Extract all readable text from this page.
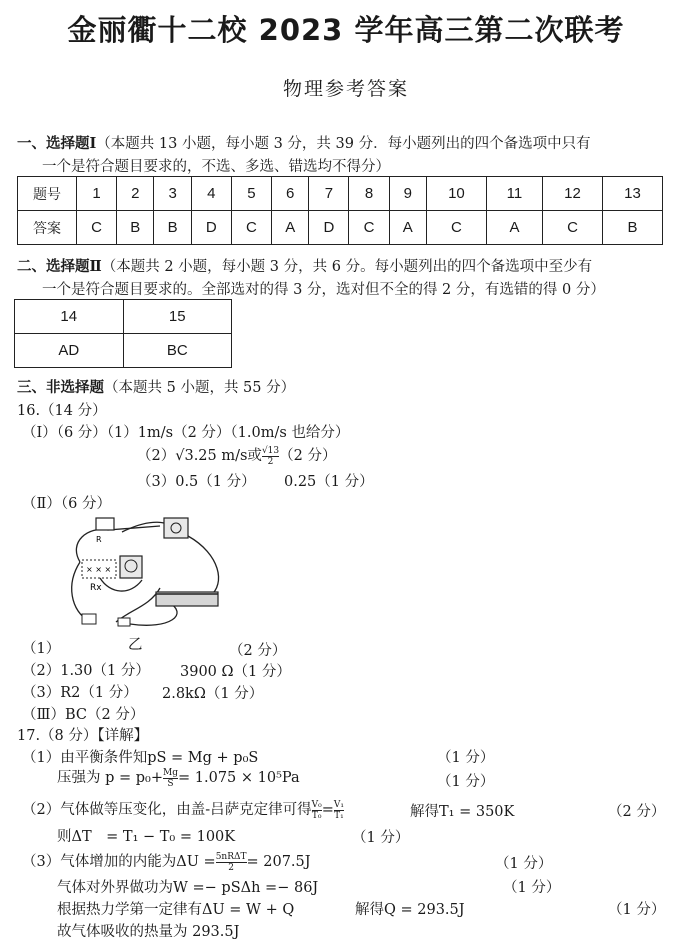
金丽衢十二校 2023 学年高三第二次联考
物理参考答案
一、选择题Ⅰ（本题共 13 小题，每小题 3 分，共 39 分．每小题列出的四个备选项中只有
一个是符合题目要求的，不选、多选、错选均不得分）
题号	1	2	3	4	5	6	7	8	9	10	11	12	13
答案	C	B	B	D	C	A	D	C	A	C	A	C	B
二、选择题Ⅱ（本题共 2 小题，每小题 3 分，共 6 分。每小题列出的四个备选项中至少有
一个是符合题目要求的。全部选对的得 3 分，选对但不全的得 2 分，有选错的得 0 分）
14	15
AD	BC
三、非选择题（本题共 5 小题，共 55 分）
16.（14 分）
（Ⅰ）（6 分）（1）1m/s（2 分）（1.0m/s 也给分）
（2）√3.25 m/s或 $\frac{√13}{2} (2$ 分）
（3）0.5（1 分） 0.25（1 分）
（Ⅱ）（6 分）
× × ×
R
Rx
（1）	乙	（2 分）
（2）1.30（1 分） 3900 Ω（1 分）
（3）R2（1 分） 2.8kΩ（1 分）
（Ⅲ）BC（2 分）
17.（8 分）【详解】
（1）由平衡条件知pS = Mg + p₀S	（1 分）
压强为 $p = p_0+ \frac{Mg}{S} = 1.075 \times 10^5Pa$	（1 分）
（2）气体做等压变化，由盖-吕萨克定律可得 $\frac{\text{V₀}}{\text{T₀}} = \frac{\text{V₁}}{\text{T₁}}$	解得T₁ = 350K	（2 分）
则ΔT　= T₁ − T₀ = 100K	（1 分）
（3）气体增加的内能为$\Delta U = \frac{\text{5nRΔT}}{2} = 207.5J$	（1 分）
气体对外界做功为W =− pSΔh =− 86J	（1 分）
根据热力学第一定律有ΔU = W + Q	解得Q = 293.5J	（1 分）
故气体吸收的热量为 293.5J
